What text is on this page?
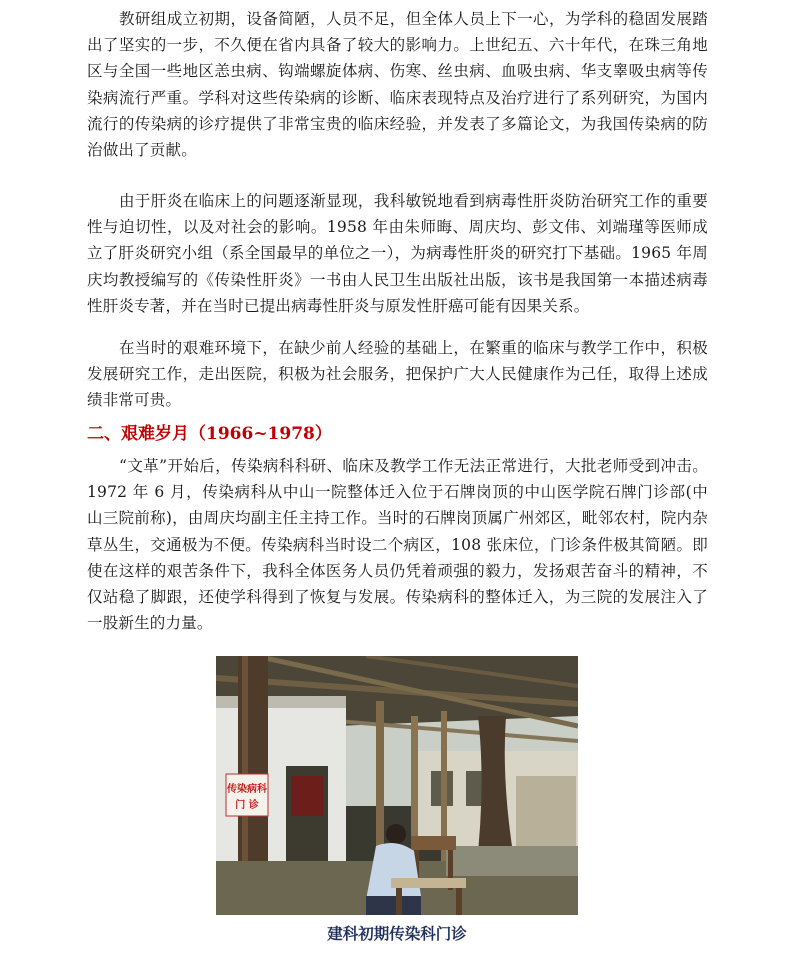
教研组成立初期，设备简陋，人员不足，但全体人员上下一心，为学科的稳固发展踏出了坚实的一步，不久便在省内具备了较大的影响力。上世纪五、六十年代，在珠三角地区与全国一些地区恙虫病、钩端螺旋体病、伤寒、丝虫病、血吸虫病、华支睾吸虫病等传染病流行严重。学科对这些传染病的诊断、临床表现特点及治疗进行了系列研究，为国内流行的传染病的诊疗提供了非常宝贵的临床经验，并发表了多篇论文，为我国传染病的防治做出了贡献。

由于肝炎在临床上的问题逐渐显现，我科敏锐地看到病毒性肝炎防治研究工作的重要性与迫切性，以及对社会的影响。1958 年由朱师晦、周庆均、彭文伟、刘端瑾等医师成立了肝炎研究小组（系全国最早的单位之一），为病毒性肝炎的研究打下基础。1965 年周庆均教授编写的《传染性肝炎》一书由人民卫生出版社出版，该书是我国第一本描述病毒性肝炎专著，并在当时已提出病毒性肝炎与原发性肝癌可能有因果关系。

在当时的艰难环境下，在缺少前人经验的基础上，在繁重的临床与教学工作中，积极发展研究工作，走出医院，积极为社会服务，把保护广大人民健康作为己任，取得上述成绩非常可贵。

二、艰难岁月（1966~1978）

“文革”开始后，传染病科科研、临床及教学工作无法正常进行，大批老师受到冲击。1972 年 6 月，传染病科从中山一院整体迁入位于石牌岗顶的中山医学院石牌门诊部(中山三院前称)，由周庆均副主任主持工作。当时的石牌岗顶属广州郊区，毗邻农村，院内杂草丛生，交通极为不便。传染病科当时设二个病区，108 张床位，门诊条件极其简陋。即使在这样的艰苦条件下，我科全体医务人员仍凭着顽强的毅力，发扬艰苦奋斗的精神，不仅站稳了脚跟，还使学科得到了恢复与发展。传染病科的整体迁入，为三院的发展注入了一股新生的力量。

传染病科
门 诊
建科初期传染科门诊
